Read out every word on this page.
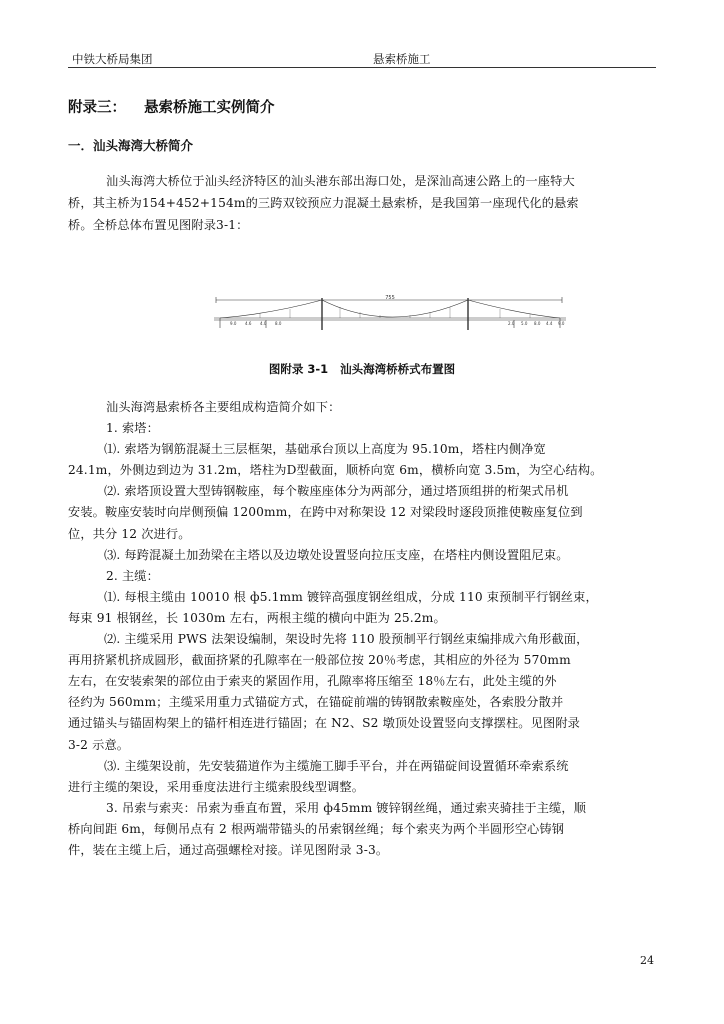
中铁大桥局集团	悬索桥施工
附录三： 悬索桥施工实例简介
一．汕头海湾大桥简介
汕头海湾大桥位于汕头经济特区的汕头港东部出海口处，是深汕高速公路上的一座特大
桥，其主桥为154+452+154m的三跨双铰预应力混凝土悬索桥，是我国第一座现代化的悬索
桥。全桥总体布置见图附录3-1：
755
9.0 4.6 4.0 8.0	2.0 5.0 8.0 4.4 9.0
图附录 3-1 汕头海湾桥桥式布置图
汕头海湾悬索桥各主要组成构造简介如下：
1. 索塔：
⑴. 索塔为钢筋混凝土三层框架，基础承台顶以上高度为 95.10m，塔柱内侧净宽
24.1m，外侧边到边为 31.2m，塔柱为D型截面，顺桥向宽 6m，横桥向宽 3.5m，为空心结构。
⑵. 索塔顶设置大型铸钢鞍座，每个鞍座座体分为两部分，通过塔顶组拼的桁架式吊机
安装。鞍座安装时向岸侧预偏 1200mm，在跨中对称架设 12 对梁段时逐段顶推使鞍座复位到
位，共分 12 次进行。
⑶. 每跨混凝土加劲梁在主塔以及边墩处设置竖向拉压支座，在塔柱内侧设置阻尼束。
2. 主缆：
⑴. 每根主缆由 10010 根 ф5.1mm 镀锌高强度钢丝组成，分成 110 束预制平行钢丝束，
每束 91 根钢丝，长 1030m 左右，两根主缆的横向中距为 25.2m。
⑵. 主缆采用 PWS 法架设编制，架设时先将 110 股预制平行钢丝束编排成六角形截面，
再用挤紧机挤成圆形，截面挤紧的孔隙率在一般部位按 20％考虑，其相应的外径为 570mm
左右，在安装索架的部位由于索夹的紧固作用，孔隙率将压缩至 18％左右，此处主缆的外
径约为 560mm；主缆采用重力式锚碇方式，在锚碇前端的铸钢散索鞍座处，各索股分散并
通过锚头与锚固构架上的锚杆相连进行锚固；在 N2、S2 墩顶处设置竖向支撑摆柱。见图附录
3-2 示意。
⑶. 主缆架设前，先安装猫道作为主缆施工脚手平台，并在两锚碇间设置循环牵索系统
进行主缆的架设，采用垂度法进行主缆索股线型调整。
3. 吊索与索夹：吊索为垂直布置，采用 ф45mm 镀锌钢丝绳，通过索夹骑挂于主缆，顺
桥向间距 6m，每侧吊点有 2 根两端带锚头的吊索钢丝绳；每个索夹为两个半圆形空心铸钢
件，装在主缆上后，通过高强螺栓对接。详见图附录 3-3。
24
